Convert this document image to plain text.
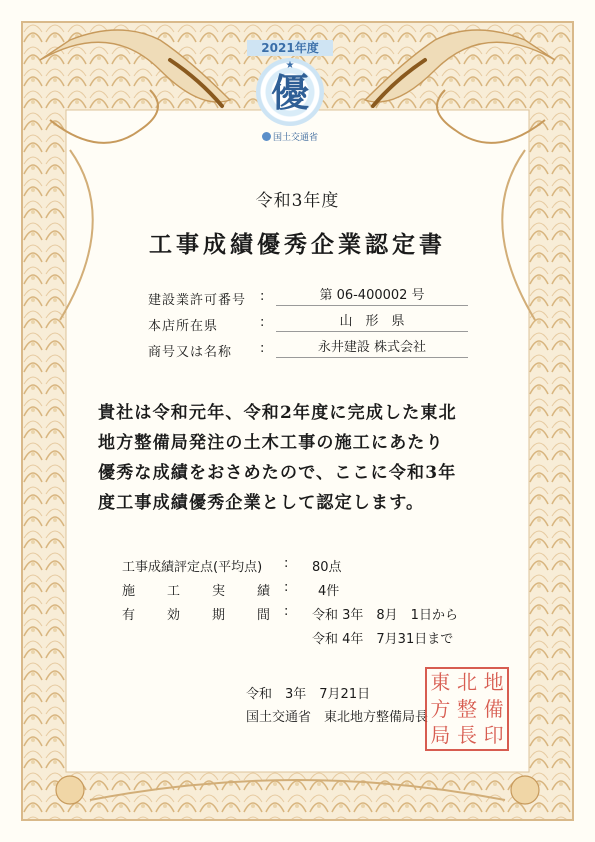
2021年度
★
優
国土交通省
令和3年度
工事成績優秀企業認定書
建設業許可番号	:	第 06-400002 号
本店所在県	:	山　形　県
商号又は名称	:	永井建設 株式会社
貴社は令和元年、令和2年度に完成した東北
地方整備局発注の土木工事の施工にあたり
優秀な成績をおさめたので、ここに令和3年
度工事成績優秀企業として認定します。
工事成績評定点(平均点)	: 80点
施 工 実 績 : 4件
有 効 期 間 : 令和 3年　8月　1日から
令和 4年　7月31日まで
令和　3年　7月21日
国土交通省　東北地方整備局長
東 北 地
方 整 備
局 長 印
